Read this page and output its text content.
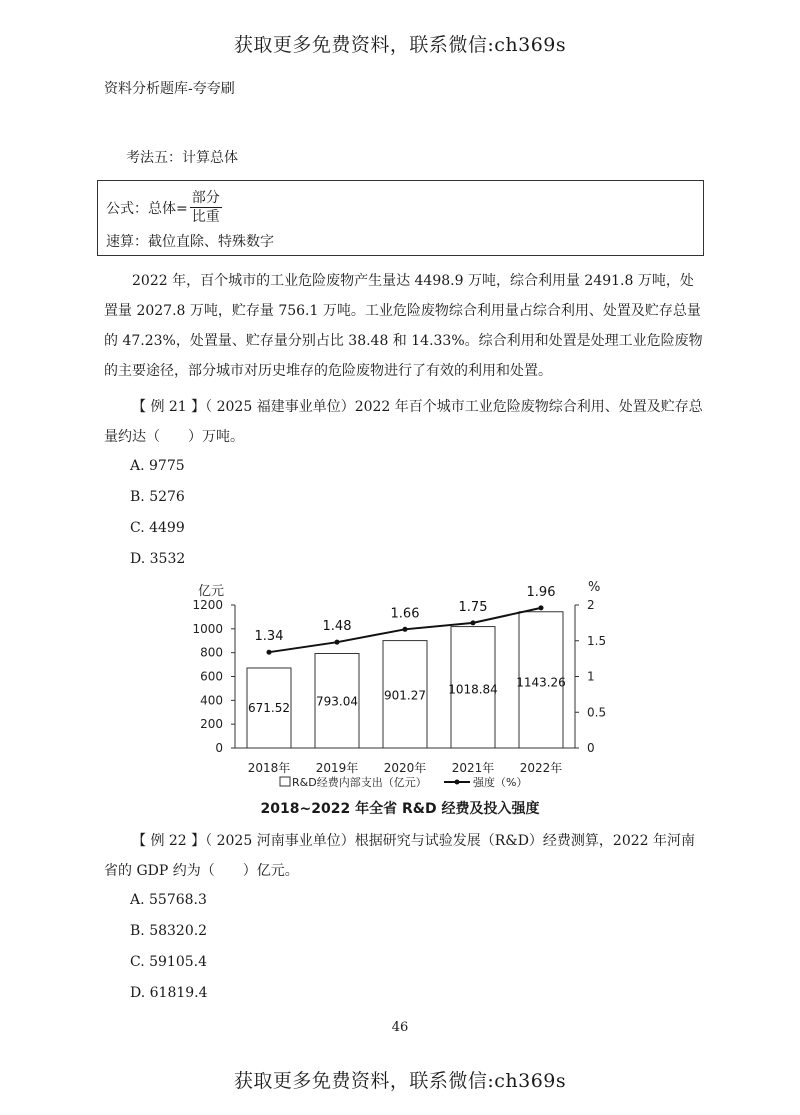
获取更多免费资料，联系微信:ch369s
资料分析题库-夸夸刷
考法五：计算总体
公式：总体= $\frac{\text{部分}}{\text{比重}}$
速算：截位直除、特殊数字
2022 年，百个城市的工业危险废物产生量达 4498.9 万吨，综合利用量 2491.8 万吨，处置量 2027.8 万吨，贮存量 756.1 万吨。工业危险废物综合利用量占综合利用、处置及贮存总量的 47.23%，处置量、贮存量分别占比 38.48 和 14.33%。综合利用和处置是处理工业危险废物的主要途径，部分城市对历史堆存的危险废物进行了有效的利用和处置。
【 例 21 】（ 2025 福建事业单位）2022 年百个城市工业危险废物综合利用、处置及贮存总量约达（　　）万吨。
A. 9775
B. 5276
C. 4499
D. 3532
亿元	%
0
200
400
600
800
1000
1200
0
0.5
1
1.5
2
671.52
2018年
793.04
2019年
901.27
2020年
1018.84
2021年
1143.26
2022年
1.34
1.48
1.66	1.75
1.96
R&D经费内部支出（亿元）	强度（%）
2018~2022 年全省 R&D 经费及投入强度
【 例 22 】（ 2025 河南事业单位）根据研究与试验发展（R&D）经费测算，2022 年河南省的 GDP 约为（　　）亿元。
A. 55768.3
B. 58320.2
C. 59105.4
D. 61819.4
46
获取更多免费资料，联系微信:ch369s
